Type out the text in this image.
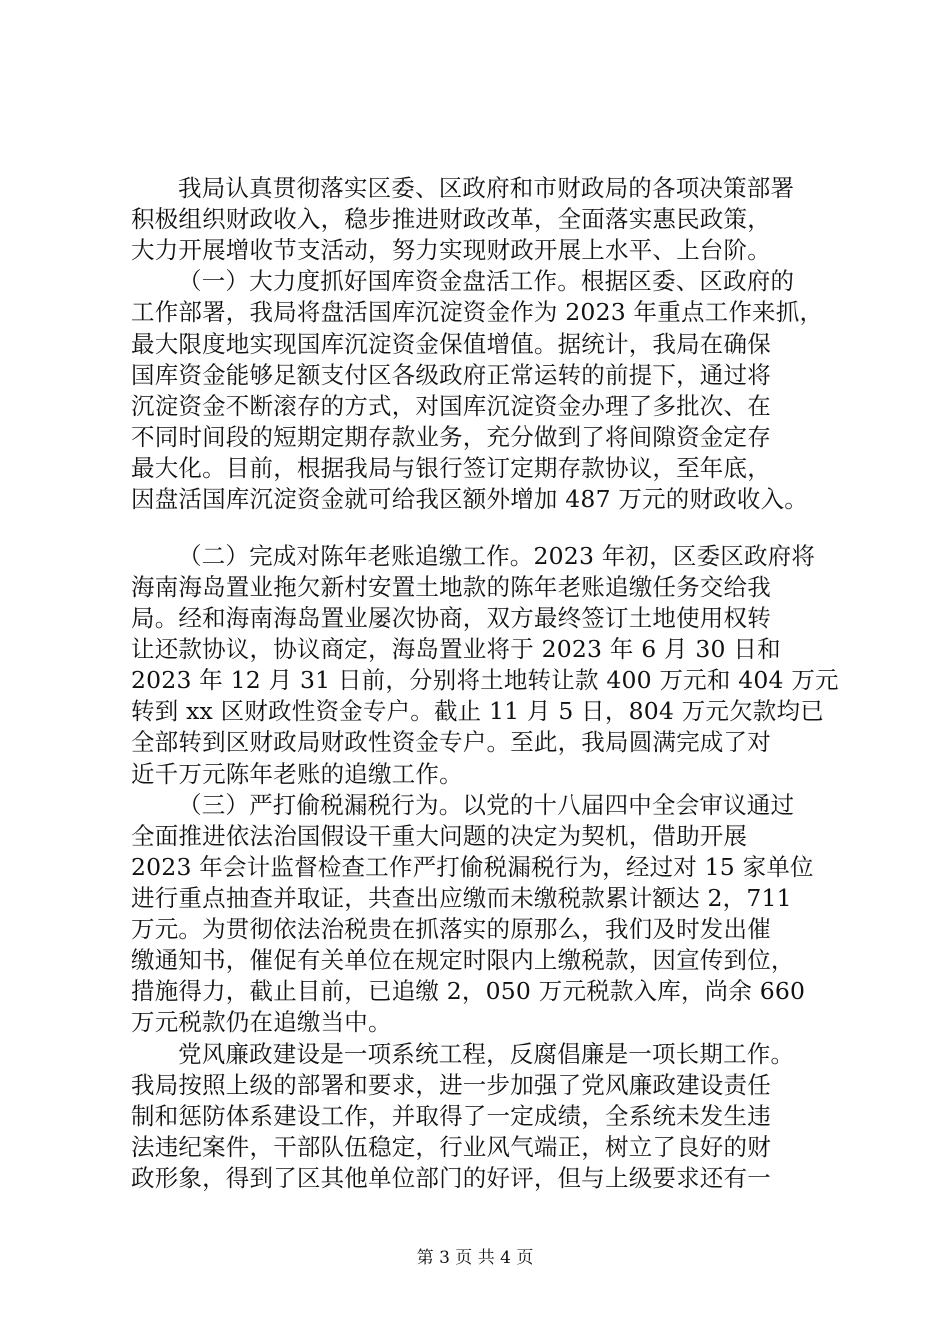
我局认真贯彻落实区委、区政府和市财政局的各项决策部署
积极组织财政收入，稳步推进财政改革，全面落实惠民政策，
大力开展增收节支活动，努力实现财政开展上水平、上台阶。
（一）大力度抓好国库资金盘活工作。根据区委、区政府的
工作部署，我局将盘活国库沉淀资金作为 2023 年重点工作来抓，
最大限度地实现国库沉淀资金保值增值。据统计，我局在确保
国库资金能够足额支付区各级政府正常运转的前提下，通过将
沉淀资金不断滚存的方式，对国库沉淀资金办理了多批次、在
不同时间段的短期定期存款业务，充分做到了将间隙资金定存
最大化。目前，根据我局与银行签订定期存款协议，至年底，
因盘活国库沉淀资金就可给我区额外增加 487 万元的财政收入。
（二）完成对陈年老账追缴工作。2023 年初，区委区政府将
海南海岛置业拖欠新村安置土地款的陈年老账追缴任务交给我
局。经和海南海岛置业屡次协商，双方最终签订土地使用权转
让还款协议，协议商定，海岛置业将于 2023 年 6 月 30 日和
2023 年 12 月 31 日前，分别将土地转让款 400 万元和 404 万元
转到 xx 区财政性资金专户。截止 11 月 5 日，804 万元欠款均已
全部转到区财政局财政性资金专户。至此，我局圆满完成了对
近千万元陈年老账的追缴工作。
（三）严打偷税漏税行为。以党的十八届四中全会审议通过
全面推进依法治国假设干重大问题的决定为契机，借助开展
2023 年会计监督检查工作严打偷税漏税行为，经过对 15 家单位
进行重点抽查并取证，共查出应缴而未缴税款累计额达 2，711
万元。为贯彻依法治税贵在抓落实的原那么，我们及时发出催
缴通知书，催促有关单位在规定时限内上缴税款，因宣传到位，
措施得力，截止目前，已追缴 2，050 万元税款入库，尚余 660
万元税款仍在追缴当中。
党风廉政建设是一项系统工程，反腐倡廉是一项长期工作。
我局按照上级的部署和要求，进一步加强了党风廉政建设责任
制和惩防体系建设工作，并取得了一定成绩，全系统未发生违
法违纪案件，干部队伍稳定，行业风气端正，树立了良好的财
政形象，得到了区其他单位部门的好评，但与上级要求还有一
第 3 页 共 4 页
